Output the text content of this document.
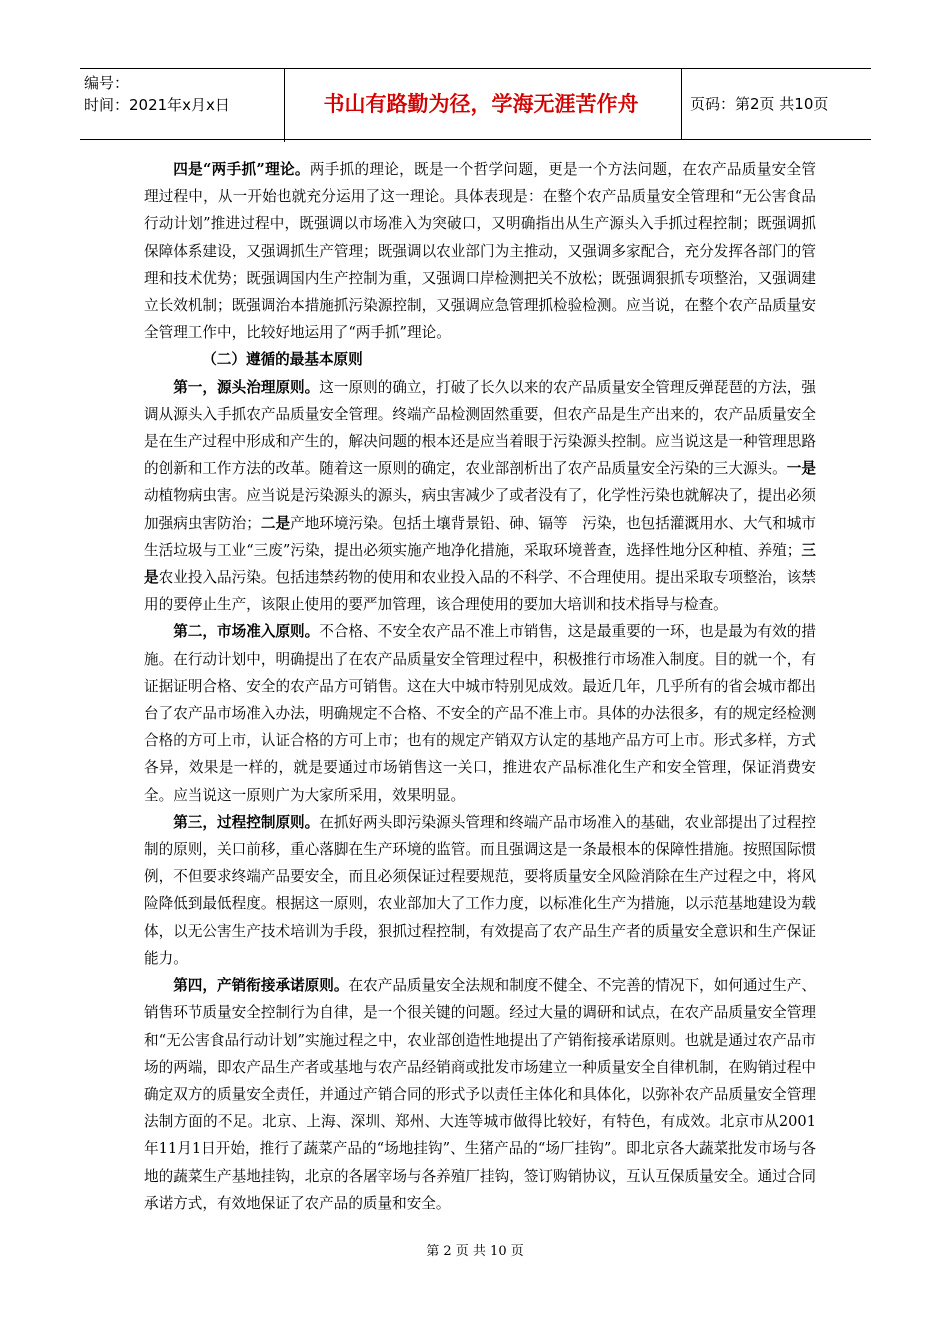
编号：
时间：2021年x月x日	书山有路勤为径，学海无涯苦作舟	页码：第2页 共10页

四是“两手抓”理论。两手抓的理论，既是一个哲学问题，更是一个方法问题，在农产品质量安全管理过程中，从一开始也就充分运用了这一理论。具体表现是：在整个农产品质量安全管理和“无公害食品行动计划”推进过程中，既强调以市场准入为突破口，又明确指出从生产源头入手抓过程控制；既强调抓保障体系建设，又强调抓生产管理；既强调以农业部门为主推动，又强调多家配合，充分发挥各部门的管理和技术优势；既强调国内生产控制为重，又强调口岸检测把关不放松；既强调狠抓专项整治，又强调建立长效机制；既强调治本措施抓污染源控制，又强调应急管理抓检验检测。应当说，在整个农产品质量安全管理工作中，比较好地运用了“两手抓”理论。

（二）遵循的最基本原则

第一，源头治理原则。这一原则的确立，打破了长久以来的农产品质量安全管理反弹琵琶的方法，强调从源头入手抓农产品质量安全管理。终端产品检测固然重要，但农产品是生产出来的，农产品质量安全是在生产过程中形成和产生的，解决问题的根本还是应当着眼于污染源头控制。应当说这是一种管理思路的创新和工作方法的改革。随着这一原则的确定，农业部剖析出了农产品质量安全污染的三大源头。一是动植物病虫害。应当说是污染源头的源头，病虫害减少了或者没有了，化学性污染也就解决了，提出必须加强病虫害防治；二是产地环境污染。包括土壤背景铅、砷、镉等　污染，也包括灌溉用水、大气和城市生活垃圾与工业“三废”污染，提出必须实施产地净化措施，采取环境普查，选择性地分区种植、养殖；三是农业投入品污染。包括违禁药物的使用和农业投入品的不科学、不合理使用。提出采取专项整治，该禁用的要停止生产，该限止使用的要严加管理，该合理使用的要加大培训和技术指导与检查。

第二，市场准入原则。不合格、不安全农产品不准上市销售，这是最重要的一环，也是最为有效的措施。在行动计划中，明确提出了在农产品质量安全管理过程中，积极推行市场准入制度。目的就一个，有证据证明合格、安全的农产品方可销售。这在大中城市特别见成效。最近几年，几乎所有的省会城市都出台了农产品市场准入办法，明确规定不合格、不安全的产品不准上市。具体的办法很多，有的规定经检测合格的方可上市，认证合格的方可上市；也有的规定产销双方认定的基地产品方可上市。形式多样，方式各异，效果是一样的，就是要通过市场销售这一关口，推进农产品标准化生产和安全管理，保证消费安全。应当说这一原则广为大家所采用，效果明显。

第三，过程控制原则。在抓好两头即污染源头管理和终端产品市场准入的基础，农业部提出了过程控制的原则，关口前移，重心落脚在生产环境的监管。而且强调这是一条最根本的保障性措施。按照国际惯例，不但要求终端产品要安全，而且必须保证过程要规范，要将质量安全风险消除在生产过程之中，将风险降低到最低程度。根据这一原则，农业部加大了工作力度，以标准化生产为措施，以示范基地建设为载体，以无公害生产技术培训为手段，狠抓过程控制，有效提高了农产品生产者的质量安全意识和生产保证能力。

第四，产销衔接承诺原则。在农产品质量安全法规和制度不健全、不完善的情况下，如何通过生产、销售环节质量安全控制行为自律，是一个很关键的问题。经过大量的调研和试点，在农产品质量安全管理和“无公害食品行动计划”实施过程之中，农业部创造性地提出了产销衔接承诺原则。也就是通过农产品市场的两端，即农产品生产者或基地与农产品经销商或批发市场建立一种质量安全自律机制，在购销过程中确定双方的质量安全责任，并通过产销合同的形式予以责任主体化和具体化，以弥补农产品质量安全管理法制方面的不足。北京、上海、深圳、郑州、大连等城市做得比较好，有特色，有成效。北京市从2001年11月1日开始，推行了蔬菜产品的“场地挂钩”、生猪产品的“场厂挂钩”。即北京各大蔬菜批发市场与各地的蔬菜生产基地挂钩，北京的各屠宰场与各养殖厂挂钩，签订购销协议，互认互保质量安全。通过合同承诺方式，有效地保证了农产品的质量和安全。

第 2 页 共 10 页
